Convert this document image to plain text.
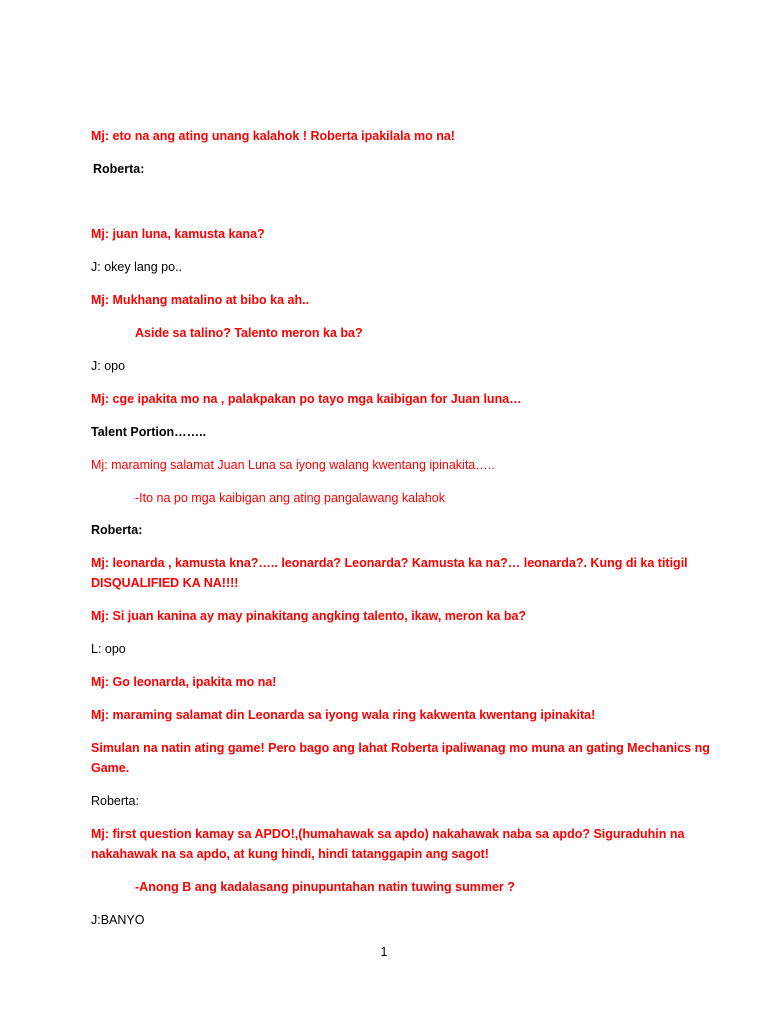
Mj: eto na ang ating unang kalahok ! Roberta ipakilala mo na!
Roberta:
Mj: juan luna, kamusta kana?
J: okey lang po..
Mj: Mukhang matalino at bibo ka ah..
Aside sa talino? Talento meron ka ba?
J: opo
Mj: cge ipakita mo na , palakpakan po tayo mga kaibigan for Juan luna…
Talent Portion……..
Mj: maraming salamat Juan Luna sa iyong walang kwentang ipinakita…..
-Ito na po mga kaibigan ang ating pangalawang kalahok
Roberta:
Mj: leonarda , kamusta kna?….. leonarda? Leonarda? Kamusta ka na?… leonarda?. Kung di ka titigil DISQUALIFIED KA NA!!!!
Mj: Si juan kanina ay may pinakitang angking talento, ikaw, meron ka ba?
L: opo
Mj: Go leonarda, ipakita mo na!
Mj: maraming salamat din Leonarda sa iyong wala ring kakwenta kwentang ipinakita!
Simulan na natin ating game! Pero bago ang lahat Roberta ipaliwanag mo muna an gating Mechanics ng Game.
Roberta:
Mj: first question kamay sa APDO!,(humahawak sa apdo) nakahawak naba sa apdo? Siguraduhin na nakahawak na sa apdo, at kung hindi, hindi tatanggapin ang sagot!
-Anong B ang kadalasang pinupuntahan natin tuwing summer ?
J:BANYO
1
